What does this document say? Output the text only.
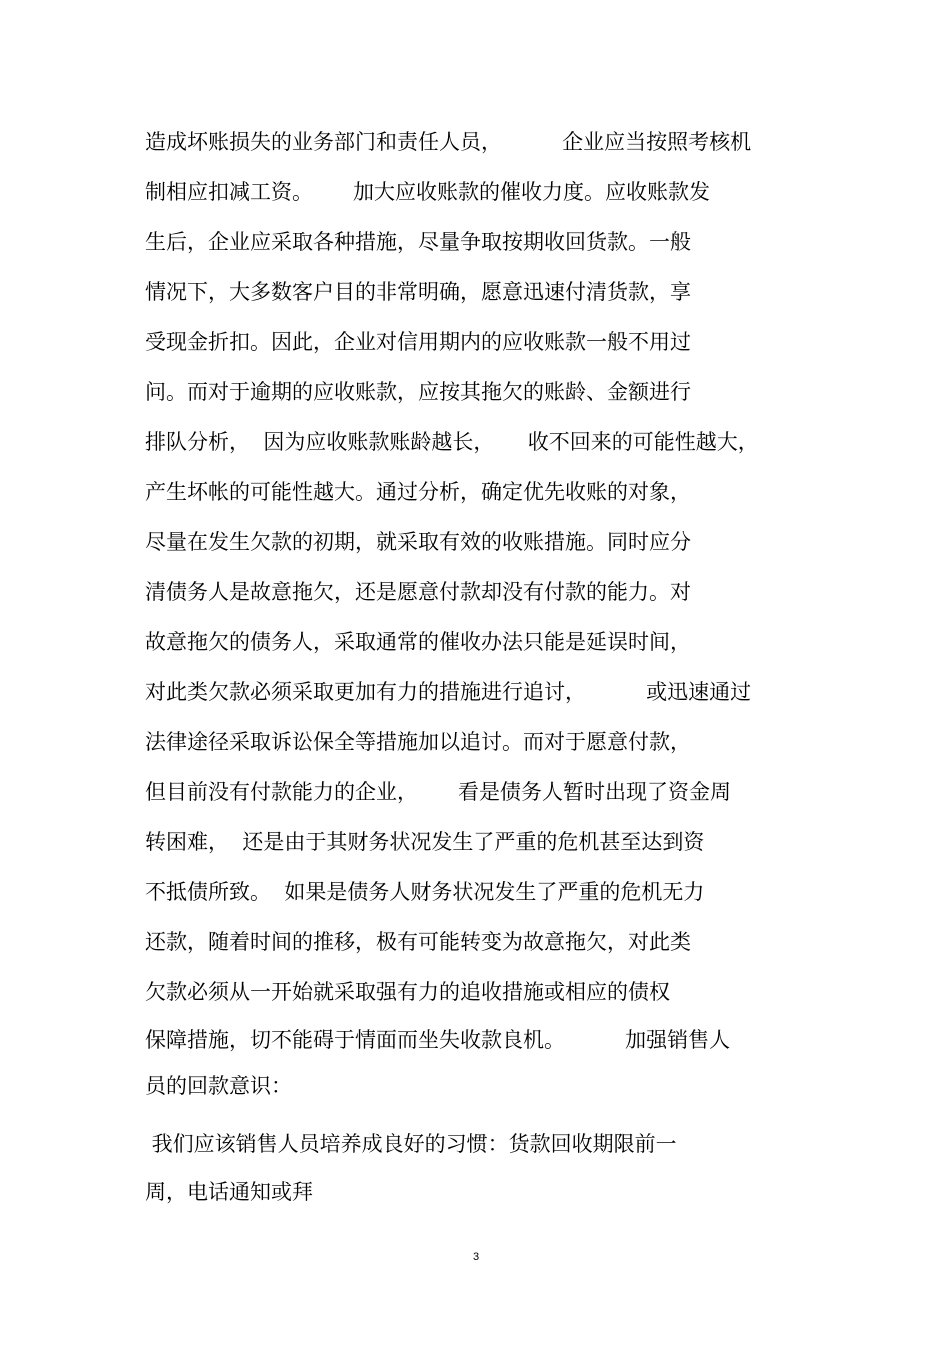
造成坏账损失的业务部门和责任人员，         企业应当按照考核机

制相应扣减工资。      加大应收账款的催收力度。应收账款发

生后，企业应采取各种措施，尽量争取按期收回货款。一般

情况下，大多数客户目的非常明确，愿意迅速付清货款，享

受现金折扣。因此，企业对信用期内的应收账款一般不用过

问。而对于逾期的应收账款，应按其拖欠的账龄、金额进行

排队分析，  因为应收账款账龄越长，     收不回来的可能性越大，

产生坏帐的可能性越大。通过分析，确定优先收账的对象，

尽量在发生欠款的初期，就采取有效的收账措施。同时应分

清债务人是故意拖欠，还是愿意付款却没有付款的能力。对

故意拖欠的债务人，采取通常的催收办法只能是延误时间，

对此类欠款必须采取更加有力的措施进行追讨，         或迅速通过

法律途径采取诉讼保全等措施加以追讨。而对于愿意付款，

但目前没有付款能力的企业，      看是债务人暂时出现了资金周

转困难，  还是由于其财务状况发生了严重的危机甚至达到资

不抵债所致。  如果是债务人财务状况发生了严重的危机无力

还款，随着时间的推移，极有可能转变为故意拖欠，对此类

欠款必须从一开始就采取强有力的追收措施或相应的债权

保障措施，切不能碍于情面而坐失收款良机。         加强销售人

员的回款意识：

我们应该销售人员培养成良好的习惯：货款回收期限前一

周，电话通知或拜

3
